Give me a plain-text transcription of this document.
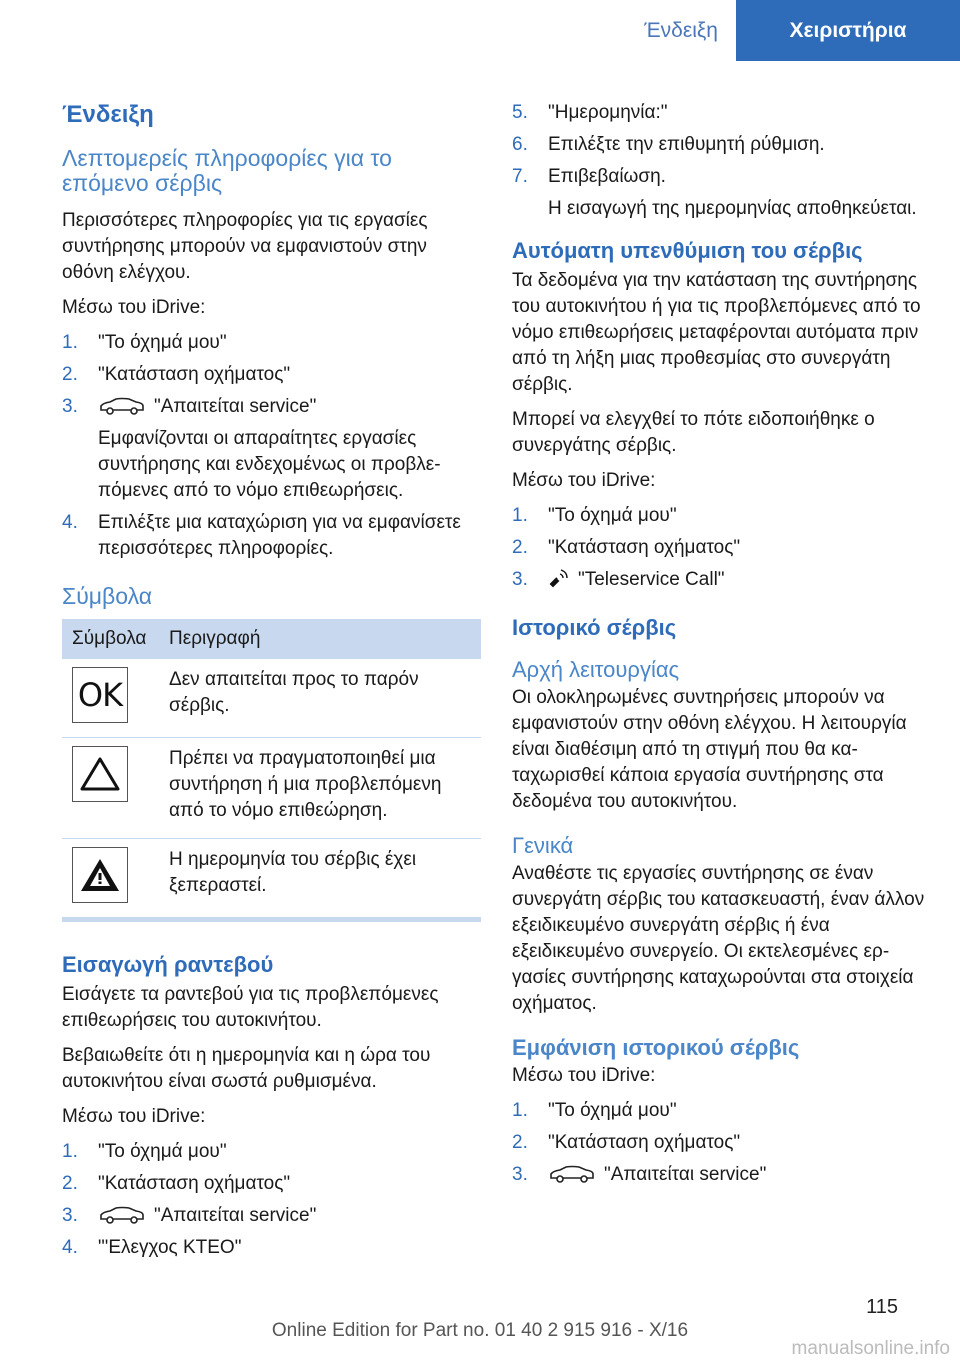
Ένδειξη	Χειριστήρια
Ένδειξη
Λεπτομερείς πληροφορίες για το επόμενο σέρβις
Περισσότερες πληροφορίες για τις εργασίες συντήρησης μπορούν να εμφανιστούν στην οθόνη ελέγχου.
Μέσω του iDrive:
1.	"Το όχημά μου"
2.	"Κατάσταση οχήματος"
3.	"Απαιτείται service"
Εμφανίζονται οι απαραίτητες εργασίες συντήρησης και ενδεχομένως οι προβλεπόμενες από το νόμο επιθεωρήσεις.
4.	Επιλέξτε μια καταχώριση για να εμφανίσετε περισσότερες πληροφορίες.
Σύμβολα
Σύμβολα	Περιγραφή

OK	Δεν απαιτείται προς το παρόν σέρβις.

	Πρέπει να πραγματοποιηθεί μια συντήρηση ή μια προβλεπόμενη από το νόμο επιθεώρηση.

	Η ημερομηνία του σέρβις έχει ξεπεραστεί.
Εισαγωγή ραντεβού
Εισάγετε τα ραντεβού για τις προβλεπόμενες επιθεωρήσεις του αυτοκινήτου.
Βεβαιωθείτε ότι η ημερομηνία και η ώρα του αυτοκινήτου είναι σωστά ρυθμισμένα.
Μέσω του iDrive:
1.	"Το όχημά μου"
2.	"Κατάσταση οχήματος"
3.	"Απαιτείται service"
4.	"'Ελεγχος ΚΤΕΟ"
5.	"Ημερομηνία:"
6.	Επιλέξτε την επιθυμητή ρύθμιση.
7.	Επιβεβαίωση.
Η εισαγωγή της ημερομηνίας αποθηκεύεται.
Αυτόματη υπενθύμιση του σέρβις
Τα δεδομένα για την κατάσταση της συντήρησης του αυτοκινήτου ή για τις προβλεπόμενες από το νόμο επιθεωρήσεις μεταφέρονται αυτόματα πριν από τη λήξη μιας προθεσμίας στο συνεργάτη σέρβις.
Μπορεί να ελεγχθεί το πότε ειδοποιήθηκε ο συνεργάτης σέρβις.
Μέσω του iDrive:
1.	"Το όχημά μου"
2.	"Κατάσταση οχήματος"
3.	"Teleservice Call"
Ιστορικό σέρβις
Αρχή λειτουργίας
Οι ολοκληρωμένες συντηρήσεις μπορούν να εμφανιστούν στην οθόνη ελέγχου. Η λειτουργία είναι διαθέσιμη από τη στιγμή που θα καταχωρισθεί κάποια εργασία συντήρησης στα δεδομένα του αυτοκινήτου.
Γενικά
Αναθέστε τις εργασίες συντήρησης σε έναν συνεργάτη σέρβις του κατασκευαστή, έναν άλλον εξειδικευμένο συνεργάτη σέρβις ή ένα εξειδικευμένο συνεργείο. Οι εκτελεσμένες εργασίες συντήρησης καταχωρούνται στα στοιχεία οχήματος.
Εμφάνιση ιστορικού σέρβις
Μέσω του iDrive:
1.	"Το όχημά μου"
2.	"Κατάσταση οχήματος"
3.	"Απαιτείται service"
115
Online Edition for Part no. 01 40 2 915 916 - X/16
manualsonline.info
